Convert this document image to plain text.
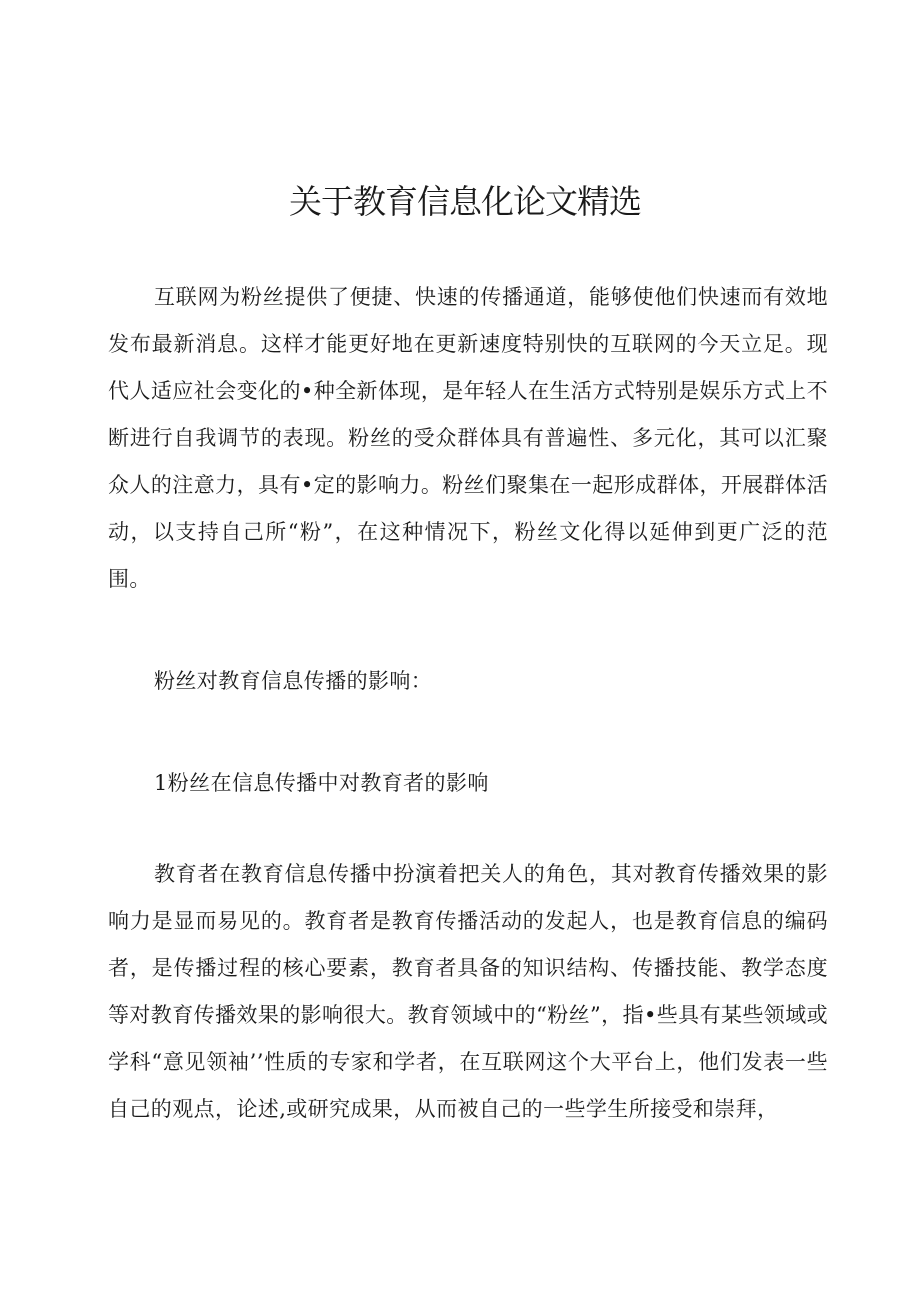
关于教育信息化论文精选

互联网为粉丝提供了便捷、快速的传播通道，能够使他们快速而有效地发布最新消息。这样才能更好地在更新速度特别快的互联网的今天立足。现代人适应社会变化的•种全新体现，是年轻人在生活方式特别是娱乐方式上不断进行自我调节的表现。粉丝的受众群体具有普遍性、多元化，其可以汇聚众人的注意力，具有•定的影响力。粉丝们聚集在一起形成群体，开展群体活动，以支持自己所“粉”，在这种情况下，粉丝文化得以延伸到更广泛的范围。

粉丝对教育信息传播的影响：

1粉丝在信息传播中对教育者的影响

教育者在教育信息传播中扮演着把关人的角色，其对教育传播效果的影响力是显而易见的。教育者是教育传播活动的发起人，也是教育信息的编码者，是传播过程的核心要素，教育者具备的知识结构、传播技能、教学态度等对教育传播效果的影响很大。教育领域中的“粉丝”，指•些具有某些领域或学科“意见领袖’’性质的专家和学者，在互联网这个大平台上，他们发表一些自己的观点，论述,或研究成果，从而被自己的一些学生所接受和崇拜，
